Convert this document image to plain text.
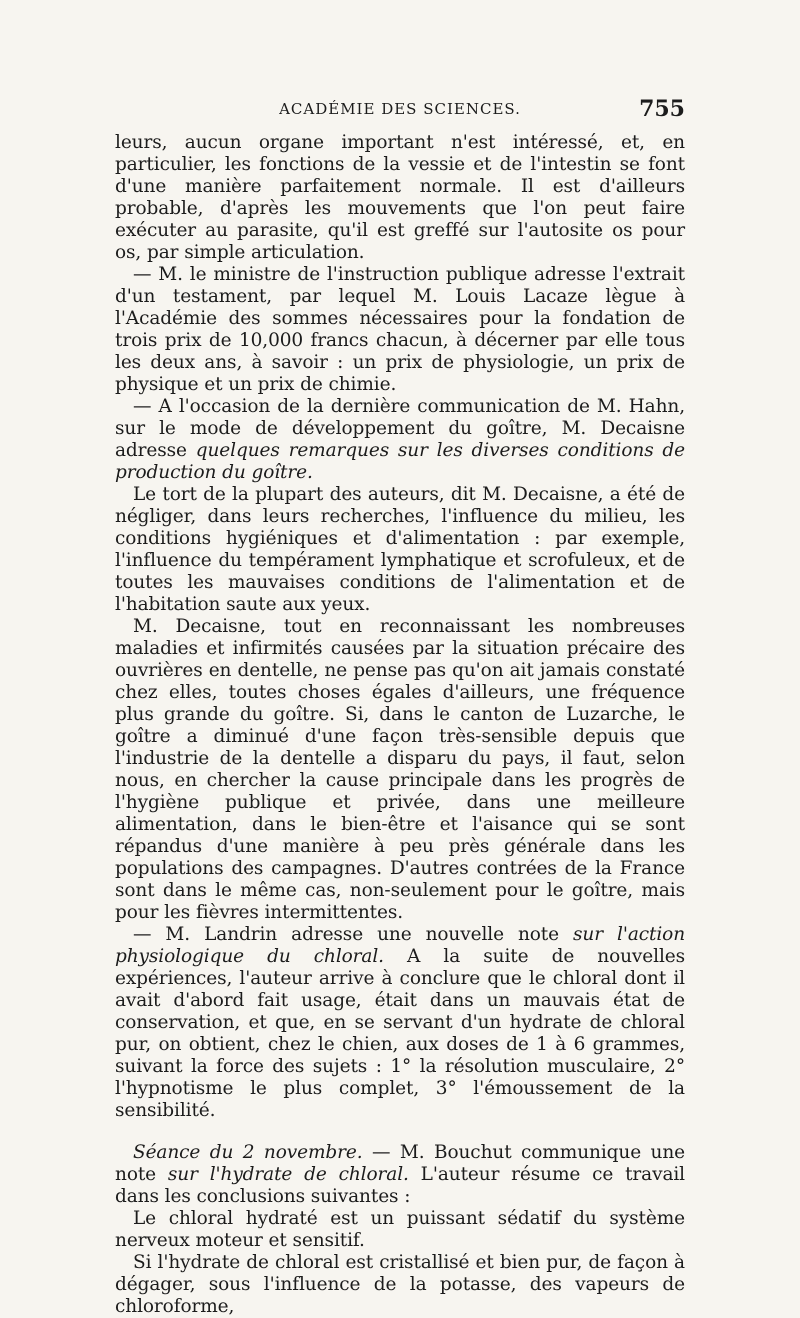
ACADÉMIE DES SCIENCES.	755

leurs, aucun organe important n'est intéressé, et, en particulier, les fonctions de la vessie et de l'intestin se font d'une manière parfaitement normale. Il est d'ailleurs probable, d'après les mouvements que l'on peut faire exécuter au parasite, qu'il est greffé sur l'autosite os pour os, par simple articulation.

— M. le ministre de l'instruction publique adresse l'extrait d'un testament, par lequel M. Louis Lacaze lègue à l'Académie des sommes nécessaires pour la fondation de trois prix de 10,000 francs chacun, à décerner par elle tous les deux ans, à savoir : un prix de physiologie, un prix de physique et un prix de chimie.

— A l'occasion de la dernière communication de M. Hahn, sur le mode de développement du goître, M. Decaisne adresse quelques remarques sur les diverses conditions de production du goître.

Le tort de la plupart des auteurs, dit M. Decaisne, a été de négliger, dans leurs recherches, l'influence du milieu, les conditions hygiéniques et d'alimentation : par exemple, l'influence du tempérament lymphatique et scrofuleux, et de toutes les mauvaises conditions de l'alimentation et de l'habitation saute aux yeux.

M. Decaisne, tout en reconnaissant les nombreuses maladies et infirmités causées par la situation précaire des ouvrières en dentelle, ne pense pas qu'on ait jamais constaté chez elles, toutes choses égales d'ailleurs, une fréquence plus grande du goître. Si, dans le canton de Luzarche, le goître a diminué d'une façon très-sensible depuis que l'industrie de la dentelle a disparu du pays, il faut, selon nous, en chercher la cause principale dans les progrès de l'hygiène publique et privée, dans une meilleure alimentation, dans le bien-être et l'aisance qui se sont répandus d'une manière à peu près générale dans les populations des campagnes. D'autres contrées de la France sont dans le même cas, non-seulement pour le goître, mais pour les fièvres intermittentes.

— M. Landrin adresse une nouvelle note sur l'action physiologique du chloral. A la suite de nouvelles expériences, l'auteur arrive à conclure que le chloral dont il avait d'abord fait usage, était dans un mauvais état de conservation, et que, en se servant d'un hydrate de chloral pur, on obtient, chez le chien, aux doses de 1 à 6 grammes, suivant la force des sujets : 1° la résolution musculaire, 2° l'hypnotisme le plus complet, 3° l'émoussement de la sensibilité.

Séance du 2 novembre. — M. Bouchut communique une note sur l'hydrate de chloral. L'auteur résume ce travail dans les conclusions suivantes :

Le chloral hydraté est un puissant sédatif du système nerveux moteur et sensitif.

Si l'hydrate de chloral est cristallisé et bien pur, de façon à dégager, sous l'influence de la potasse, des vapeurs de chloroforme,
